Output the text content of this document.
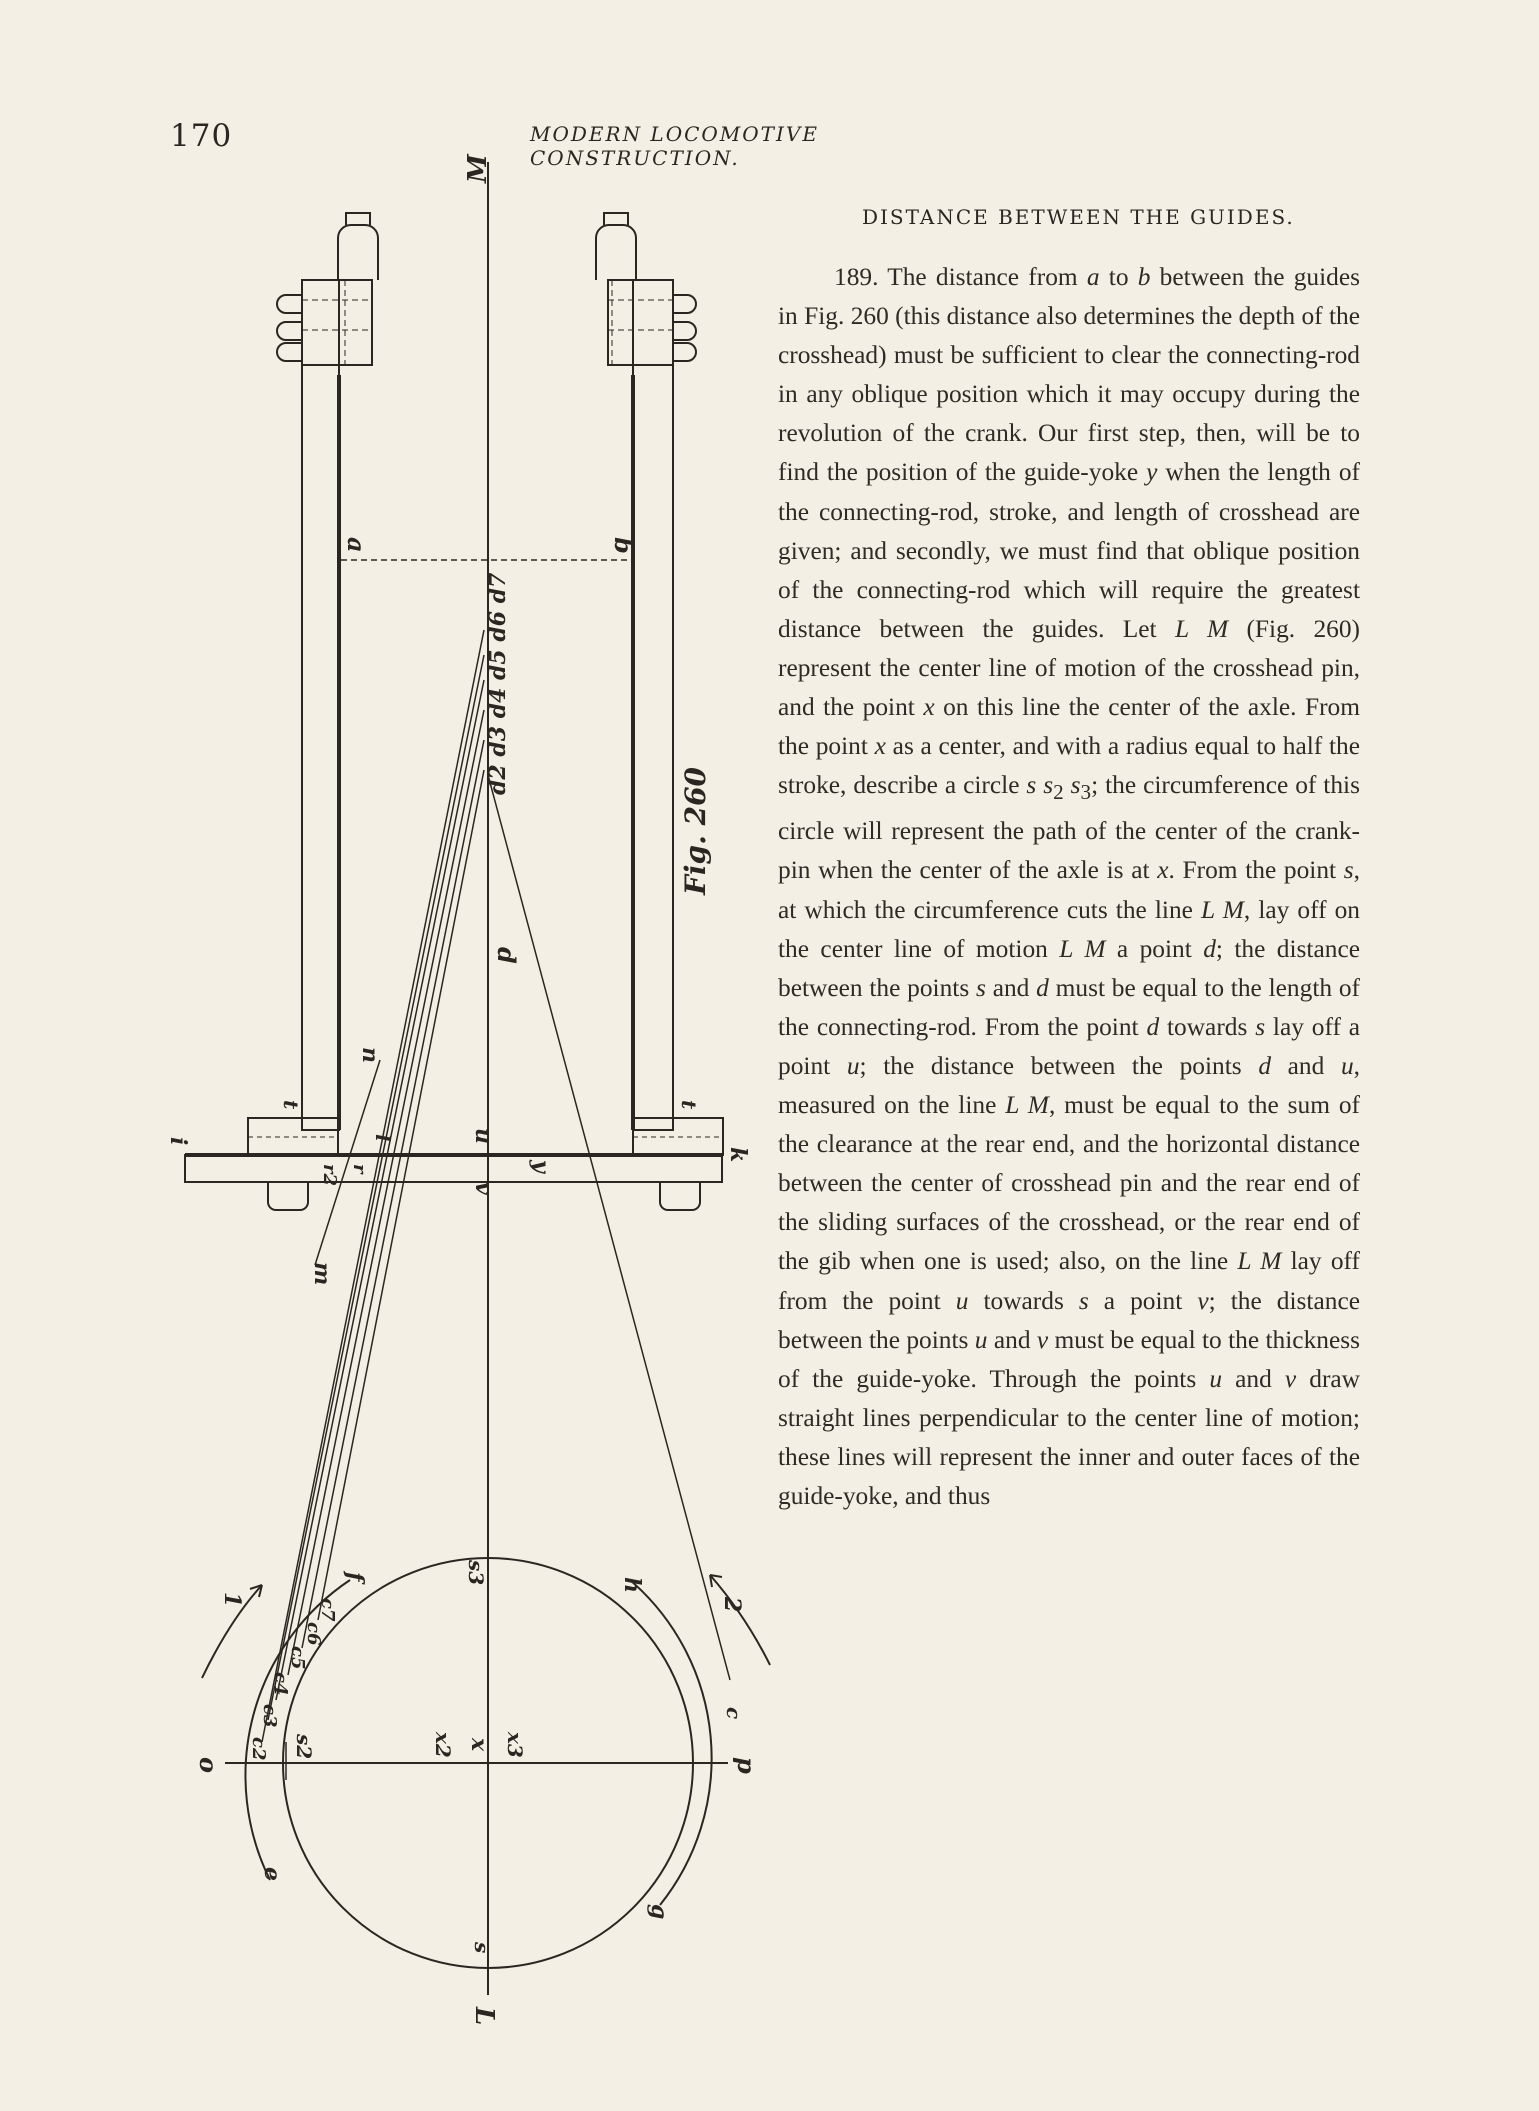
170	MODERN LOCOMOTIVE CONSTRUCTION.
DISTANCE BETWEEN THE GUIDES.

189. The distance from a to b between the guides in Fig. 260 (this distance also determines the depth of the crosshead) must be sufficient to clear the connecting-rod in any oblique position which it may occupy during the revolution of the crank. Our first step, then, will be to find the position of the guide-yoke y when the length of the connecting-rod, stroke, and length of crosshead are given; and secondly, we must find that oblique position of the connecting-rod which will require the greatest distance between the guides. Let L M (Fig. 260) represent the center line of motion of the crosshead pin, and the point x on this line the center of the axle. From the point x as a center, and with a radius equal to half the stroke, describe a circle s $s_2$ $s_3$; the circumference of this circle will represent the path of the center of the crank-pin when the center of the axle is at x. From the point s, at which the circumference cuts the line L M, lay off on the center line of motion L M a point d; the distance between the points s and d must be equal to the length of the connecting-rod. From the point d towards s lay off a point u; the distance between the points d and u, measured on the line L M, must be equal to the sum of the clearance at the rear end, and the horizontal distance between the center of crosshead pin and the rear end of the sliding surfaces of the crosshead, or the rear end of the gib when one is used; also, on the line L M lay off from the point u towards s a point v; the distance between the points u and v must be equal to the thickness of the guide-yoke. Through the points u and v draw straight lines perpendicular to the center line of motion; these lines will represent the inner and outer faces of the guide-yoke, and thus

M
L
a	b
d2 d3 d4 d5 d6 d7
Fig. 260
d
n
t	t
i
k
r2 r
l	u
v
y
m
s3
s2
s
x
x2 x3
o	p
e
f
g
h
c
c2
c3
c4
c5
c6
c7
1	2
